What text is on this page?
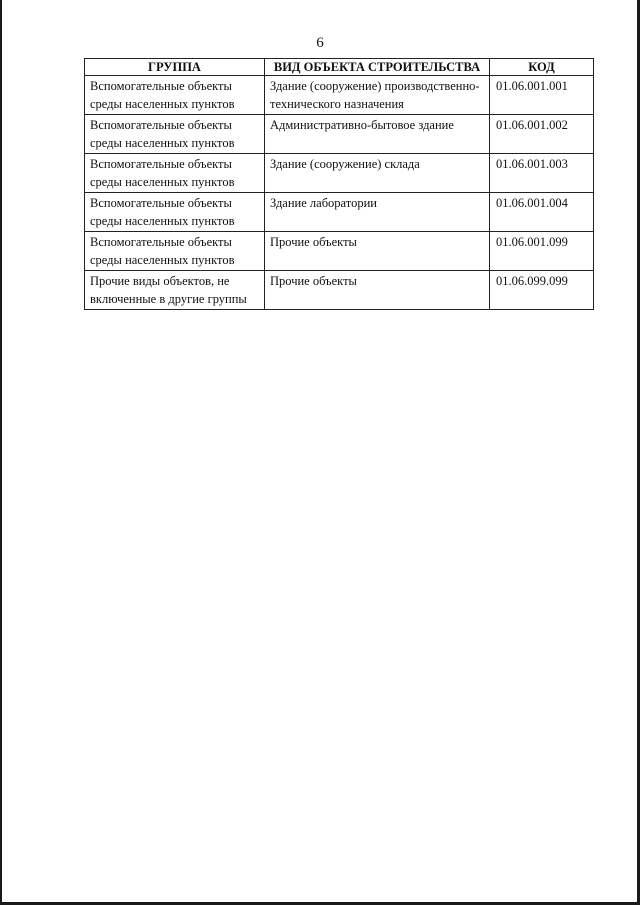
6
ГРУППА	ВИД ОБЪЕКТА СТРОИТЕЛЬСТВА	КОД
Вспомогательные объекты среды населенных пунктов	Здание (сооружение) производственно-технического назначения	01.06.001.001
Вспомогательные объекты среды населенных пунктов	Административно-бытовое здание	01.06.001.002
Вспомогательные объекты среды населенных пунктов	Здание (сооружение) склада	01.06.001.003
Вспомогательные объекты среды населенных пунктов	Здание лаборатории	01.06.001.004
Вспомогательные объекты среды населенных пунктов	Прочие объекты	01.06.001.099
Прочие виды объектов, не включенные в другие группы	Прочие объекты	01.06.099.099
